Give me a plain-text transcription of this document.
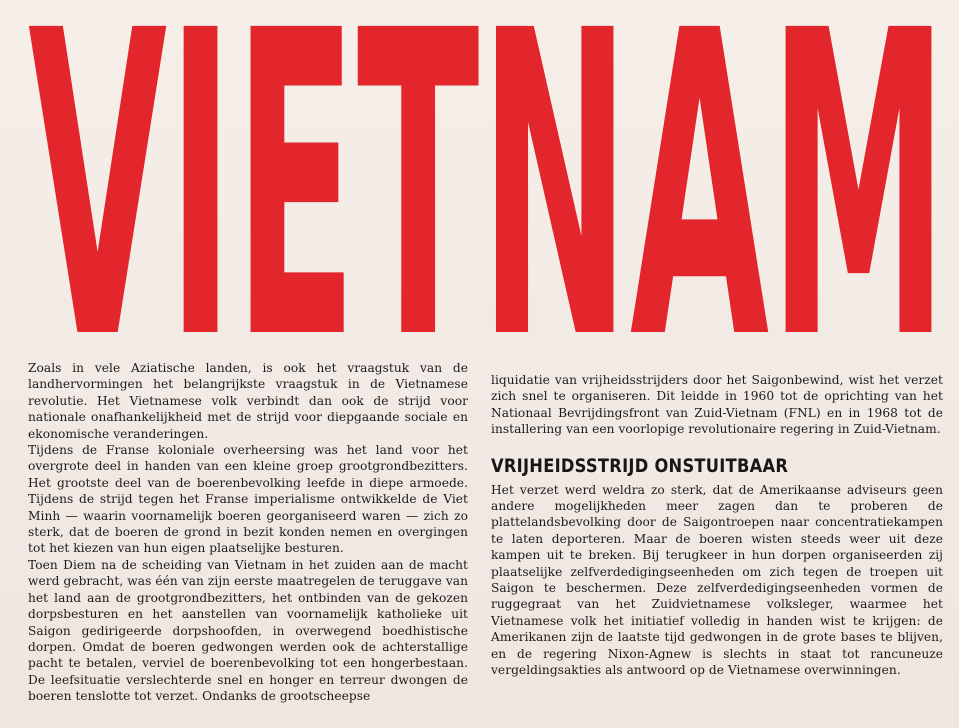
VIETNAM

Zoals in vele Aziatische landen, is ook het vraagstuk van de landhervormingen het belangrijkste vraagstuk in de Vietnamese revolutie. Het Vietnamese volk verbindt dan ook de strijd voor nationale onafhankelijkheid met de strijd voor diepgaande sociale en ekonomische veranderingen.

Tijdens de Franse koloniale overheersing was het land voor het overgrote deel in handen van een kleine groep grootgrondbezitters. Het grootste deel van de boerenbevolking leefde in diepe armoede. Tijdens de strijd tegen het Franse imperialisme ontwikkelde de Viet Minh — waarin voornamelijk boeren georganiseerd waren — zich zo sterk, dat de boeren de grond in bezit konden nemen en overgingen tot het kiezen van hun eigen plaatselijke besturen.

Toen Diem na de scheiding van Vietnam in het zuiden aan de macht werd gebracht, was één van zijn eerste maatregelen de teruggave van het land aan de grootgrondbezitters, het ontbinden van de gekozen dorpsbesturen en het aanstellen van voornamelijk katholieke uit Saigon gedirigeerde dorpshoofden, in overwegend boedhistische dorpen. Omdat de boeren gedwongen werden ook de achterstallige pacht te betalen, verviel de boerenbevolking tot een hongerbestaan. De leefsituatie verslechterde snel en honger en terreur dwongen de boeren tenslotte tot verzet. Ondanks de grootscheepse

liquidatie van vrijheidsstrijders door het Saigonbewind, wist het verzet zich snel te organiseren. Dit leidde in 1960 tot de oprichting van het Nationaal Bevrijdingsfront van Zuid-Vietnam (FNL) en in 1968 tot de installering van een voorlopige revolutionaire regering in Zuid-Vietnam.

VRIJHEIDSSTRIJD ONSTUITBAAR

Het verzet werd weldra zo sterk, dat de Amerikaanse adviseurs geen andere mogelijkheden meer zagen dan te proberen de plattelandsbevolking door de Saigontroepen naar concentratiekampen te laten deporteren. Maar de boeren wisten steeds weer uit deze kampen uit te breken. Bij terugkeer in hun dorpen organiseerden zij plaatselijke zelfverdedigingseenheden om zich tegen de troepen uit Saigon te beschermen. Deze zelfverdedigingseenheden vormen de ruggegraat van het Zuidvietnamese volksleger, waarmee het Vietnamese volk het initiatief volledig in handen wist te krijgen: de Amerikanen zijn de laatste tijd gedwongen in de grote bases te blijven, en de regering Nixon-Agnew is slechts in staat tot rancuneuze vergeldingsakties als antwoord op de Vietnamese overwinningen.
